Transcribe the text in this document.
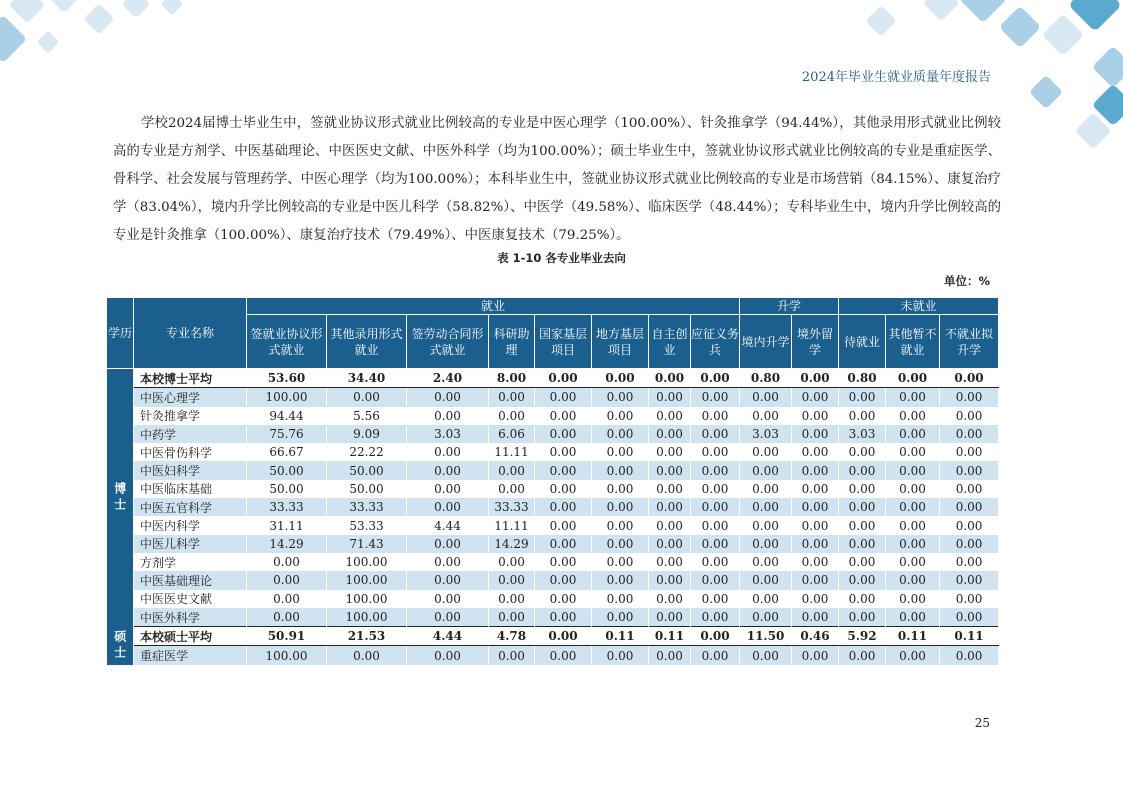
2024年毕业生就业质量年度报告

学校2024届博士毕业生中，签就业协议形式就业比例较高的专业是中医心理学（100.00%）、针灸推拿学（94.44%），其他录用形式就业比例较高的专业是方剂学、中医基础理论、中医医史文献、中医外科学（均为100.00%）；硕士毕业生中，签就业协议形式就业比例较高的专业是重症医学、骨科学、社会发展与管理药学、中医心理学（均为100.00%）；本科毕业生中，签就业协议形式就业比例较高的专业是市场营销（84.15%）、康复治疗学（83.04%），境内升学比例较高的专业是中医儿科学（58.82%）、中医学（49.58%）、临床医学（48.44%）；专科毕业生中，境内升学比例较高的专业是针灸推拿（100.00%）、康复治疗技术（79.49%）、中医康复技术（79.25%）。

表 1-10 各专业毕业去向
单位：%
学历	专业名称	就业								升学		未就业		
		签就业协议形式就业	其他录用形式就业	签劳动合同形式就业	科研助理	国家基层项目	地方基层项目	自主创业	应征义务兵	境内升学	境外留学	待就业	其他暂不就业	不就业拟升学
博士	本校博士平均	53.60	34.40	2.40	8.00	0.00	0.00	0.00	0.00	0.80	0.00	0.80	0.00	0.00
	中医心理学	100.00	0.00	0.00	0.00	0.00	0.00	0.00	0.00	0.00	0.00	0.00	0.00	0.00
	针灸推拿学	94.44	5.56	0.00	0.00	0.00	0.00	0.00	0.00	0.00	0.00	0.00	0.00	0.00
	中药学	75.76	9.09	3.03	6.06	0.00	0.00	0.00	0.00	3.03	0.00	3.03	0.00	0.00
	中医骨伤科学	66.67	22.22	0.00	11.11	0.00	0.00	0.00	0.00	0.00	0.00	0.00	0.00	0.00
	中医妇科学	50.00	50.00	0.00	0.00	0.00	0.00	0.00	0.00	0.00	0.00	0.00	0.00	0.00
	中医临床基础	50.00	50.00	0.00	0.00	0.00	0.00	0.00	0.00	0.00	0.00	0.00	0.00	0.00
	中医五官科学	33.33	33.33	0.00	33.33	0.00	0.00	0.00	0.00	0.00	0.00	0.00	0.00	0.00
	中医内科学	31.11	53.33	4.44	11.11	0.00	0.00	0.00	0.00	0.00	0.00	0.00	0.00	0.00
	中医儿科学	14.29	71.43	0.00	14.29	0.00	0.00	0.00	0.00	0.00	0.00	0.00	0.00	0.00
	方剂学	0.00	100.00	0.00	0.00	0.00	0.00	0.00	0.00	0.00	0.00	0.00	0.00	0.00
	中医基础理论	0.00	100.00	0.00	0.00	0.00	0.00	0.00	0.00	0.00	0.00	0.00	0.00	0.00
	中医医史文献	0.00	100.00	0.00	0.00	0.00	0.00	0.00	0.00	0.00	0.00	0.00	0.00	0.00
	中医外科学	0.00	100.00	0.00	0.00	0.00	0.00	0.00	0.00	0.00	0.00	0.00	0.00	0.00
硕士	本校硕士平均	50.91	21.53	4.44	4.78	0.00	0.11	0.11	0.00	11.50	0.46	5.92	0.11	0.11
	重症医学	100.00	0.00	0.00	0.00	0.00	0.00	0.00	0.00	0.00	0.00	0.00	0.00	0.00
25
